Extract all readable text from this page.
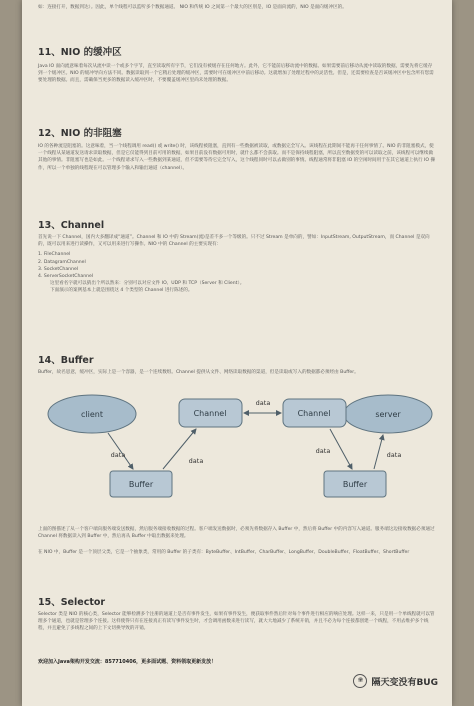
如：连接打开，数据到达）。因此，单个线程可以监听多个数据通道。 NIO 和传统 IO 之间第一个最大的区别是，IO 是面向流的，NIO 是面向缓冲区的。

11、NIO 的缓冲区

Java IO 面向流意味着每次从流中读一个或多个字节，直至读取所有字节，它们没有被缓存在任何地方。此外，它不能前后移动流中的数据。如果需要前后移动从流中读取的数据，需要先将它缓存到一个缓冲区。NIO 的缓冲导向方法不同。数据读取到一个它稍后处理的缓冲区，需要时可在缓冲区中前后移动。这就增加了处理过程中的灵活性。但是，还需要检查是否该缓冲区中包含所有您需要处理的数据。而且，需确保当更多的数据读入缓冲区时，不要覆盖缓冲区里尚未处理的数据。

12、NIO 的非阻塞

IO 的各种流是阻塞的。这意味着，当一个线程调用 read() 或 write() 时，该线程被阻塞，直到有一些数据被读取，或数据完全写入。该线程在此期间不能再干任何事情了。NIO 的非阻塞模式，使一个线程从某通道发送请求读取数据，但是它仅能得到目前可用的数据，如果目前没有数据可用时，就什么都不会获取。而不是保持线程阻塞，所以直至数据变的可以读取之前，该线程可以继续做其他的事情。非阻塞写也是如此。一个线程请求写入一些数据到某通道，但不需要等待它完全写入，这个线程同时可以去做别的事情。线程通常将非阻塞 IO 的空闲时间用于在其它通道上执行 IO 操作，所以一个单独的线程现在可以管理多个输入和输出通道（channel）。

13、Channel

首先说一下 Channel，国内大多翻译成“通道”。Channel 和 IO 中的 Stream(流)是差不多一个等级的。只不过 Stream 是单向的，譬如：InputStream, OutputStream，而 Channel 是双向的，既可以用来进行读操作，又可以用来进行写操作。NIO 中的 Channel 的主要实现有：

1. FileChannel
2. DatagramChannel
3. SocketChannel
4. ServerSocketChannel
这里看名字就可以猜出个所以然来：分别可以对应文件 IO、UDP 和 TCP（Server 和 Client）。
下面演示的案例基本上就是围绕这 4 个类型的 Channel 进行陈述的。
14、Buffer

Buffer，故名思意，缓冲区，实际上是一个容器，是一个连续数组。Channel 提供从文件、网络读取数据的渠道，但是读取或写入的数据都必须经由 Buffer。

client	server
Channel	Channel
Buffer	Buffer
data
data
data
data	data

上面的图描述了从一个客户端向服务端发送数据，然后服务端接收数据的过程。客户端发送数据时，必须先将数据存入 Buffer 中，然后将 Buffer 中的内容写入通道。服务端这边接收数据必须通过 Channel 将数据读入到 Buffer 中，然后再从 Buffer 中取出数据来处理。

在 NIO 中，Buffer 是一个顶层父类，它是一个抽象类，常用的 Buffer 的子类有：ByteBuffer、IntBuffer、CharBuffer、LongBuffer、DoubleBuffer、FloatBuffer、ShortBuffer

15、Selector

Selector 类是 NIO 的核心类，Selector 能够检测多个注册的通道上是否有事件发生，如果有事件发生，便获取事件然后针对每个事件进行相应的响应处理。这样一来，只是用一个单线程就可以管理多个通道，也就是管理多个连接。这样使得只有在连接真正有读写事件发生时，才会调用函数来进行读写，就大大地减少了系统开销，并且不必为每个连接都创建一个线程，不用去维护多个线程，并且避免了多线程之间的上下文切换导致的开销。

欢迎加入Java架构开发交流：857710406，更多面试题、资料领取更新发放！
❀ 隔天变没有BUG
